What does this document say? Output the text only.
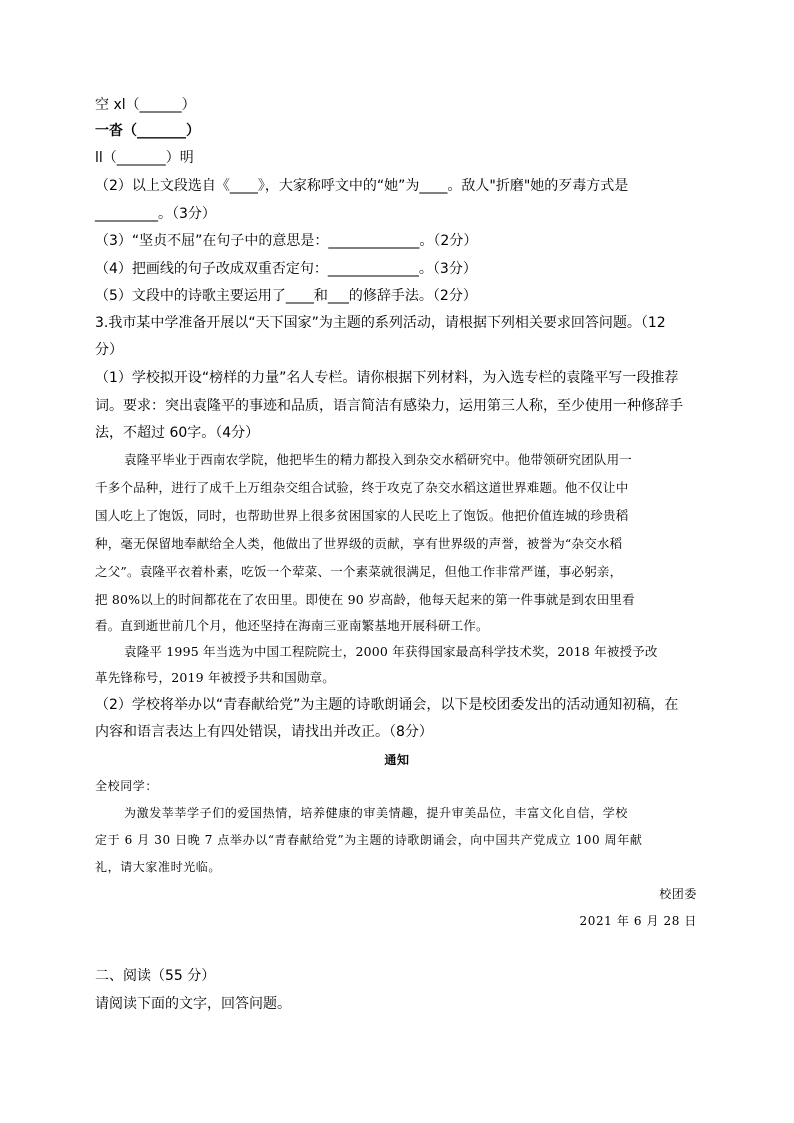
空 xl（______）
一沓（_______）
ll（_______）明
（2）以上文段选自《____》，大家称呼文中的“她”为____。敌人"折磨"她的歹毒方式是
_________。（3分）
（3）“坚贞不屈”在句子中的意思是：_____________。（2分）
（4）把画线的句子改成双重否定句：_____________。（3分）
（5）文段中的诗歌主要运用了____和___的修辞手法。（2分）
3.我市某中学准备开展以“天下国家”为主题的系列活动，请根据下列相关要求回答问题。（12
分）
（1）学校拟开设“榜样的力量”名人专栏。请你根据下列材料，为入选专栏的袁隆平写一段推荐
词。要求：突出袁隆平的事迹和品质，语言简洁有感染力，运用第三人称，至少使用一种修辞手
法，不超过 60字。（4分）
袁隆平毕业于西南农学院，他把毕生的精力都投入到杂交水稻研究中。他带领研究团队用一
千多个品种，进行了成千上万组杂交组合试验，终于攻克了杂交水稻这道世界难题。他不仅让中
国人吃上了饱饭，同时，也帮助世界上很多贫困国家的人民吃上了饱饭。他把价值连城的珍贵稻
种，毫无保留地奉献给全人类，他做出了世界级的贡献，享有世界级的声誉，被誉为“杂交水稻
之父”。袁隆平衣着朴素，吃饭一个荤菜、一个素菜就很满足，但他工作非常严谨，事必躬亲，
把 80%以上的时间都花在了农田里。即使在 90 岁高龄，他每天起来的第一件事就是到农田里看
看。直到逝世前几个月，他还坚持在海南三亚南繁基地开展科研工作。
袁隆平 1995 年当选为中国工程院院士，2000 年获得国家最高科学技术奖，2018 年被授予改
革先锋称号，2019 年被授予共和国勋章。
（2）学校将举办以“青春献给党”为主题的诗歌朗诵会，以下是校团委发出的活动通知初稿，在
内容和语言表达上有四处错误，请找出并改正。（8分）
通知
全校同学：
为激发莘莘学子们的爱国热情，培养健康的审美情趣，提升审美品位，丰富文化自信，学校
定于 6 月 30 日晚 7 点举办以“青春献给党”为主题的诗歌朗诵会，向中国共产党成立 100 周年献
礼，请大家准时光临。
校团委
2021 年 6 月 28 日
二、阅读（55 分）
请阅读下面的文字，回答问题。
